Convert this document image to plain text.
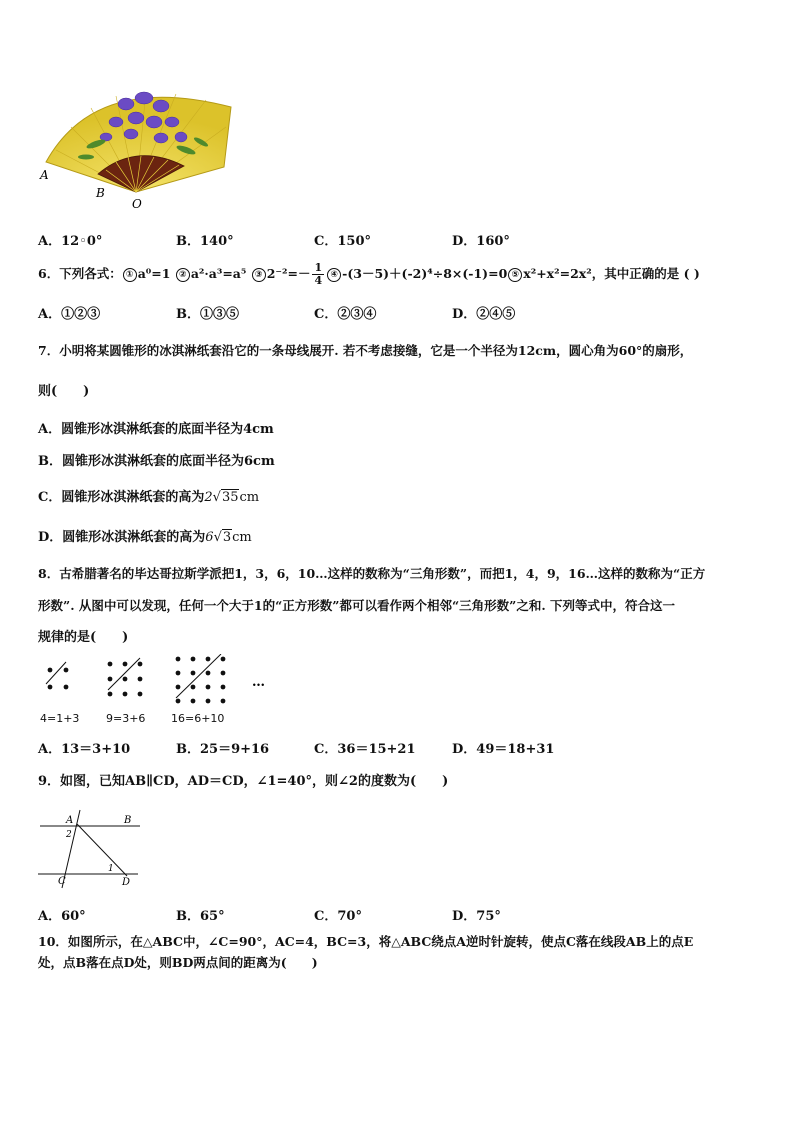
A
B
O
A．12◦0°	B．140°	C．150°	D．160°
6．下列各式： ① a⁰=1 ② a²·a³=a⁵ ③ $2^{-2}=- \frac{1}{4}$ ④ -(3－5)＋(-2)⁴÷8×(-1)=0 ⑤ x²+x²=2x²，其中正确的是 ( )
A．①②③	B．①③⑤	C．②③④	D．②④⑤
7．小明将某圆锥形的冰淇淋纸套沿它的一条母线展开. 若不考虑接缝，它是一个半径为12cm，圆心角为60°的扇形，
则(　　)
A．圆锥形冰淇淋纸套的底面半径为4cm
B．圆锥形冰淇淋纸套的底面半径为6cm
C．圆锥形冰淇淋纸套的高为2√35cm
D．圆锥形冰淇淋纸套的高为6√3cm
8．古希腊著名的毕达哥拉斯学派把1，3，6，10…这样的数称为“三角形数”，而把1，4，9，16…这样的数称为“正方
形数”. 从图中可以发现，任何一个大于1的“正方形数”都可以看作两个相邻“三角形数”之和. 下列等式中，符合这一
规律的是(　　)
…
4=1+3 9=3+6 16=6+10
A．13＝3+10	B．25＝9+16	C．36＝15+21	D．49＝18+31
9．如图，已知AB∥CD，AD＝CD，∠1=40°，则∠2的度数为(　　)
A	B
2
1
C	D
A．60°	B．65°	C．70°	D．75°
10．如图所示，在△ABC中，∠C=90°，AC=4，BC=3，将△ABC绕点A逆时针旋转，使点C落在线段AB上的点E
处，点B落在点D处，则BD两点间的距离为(　　)
